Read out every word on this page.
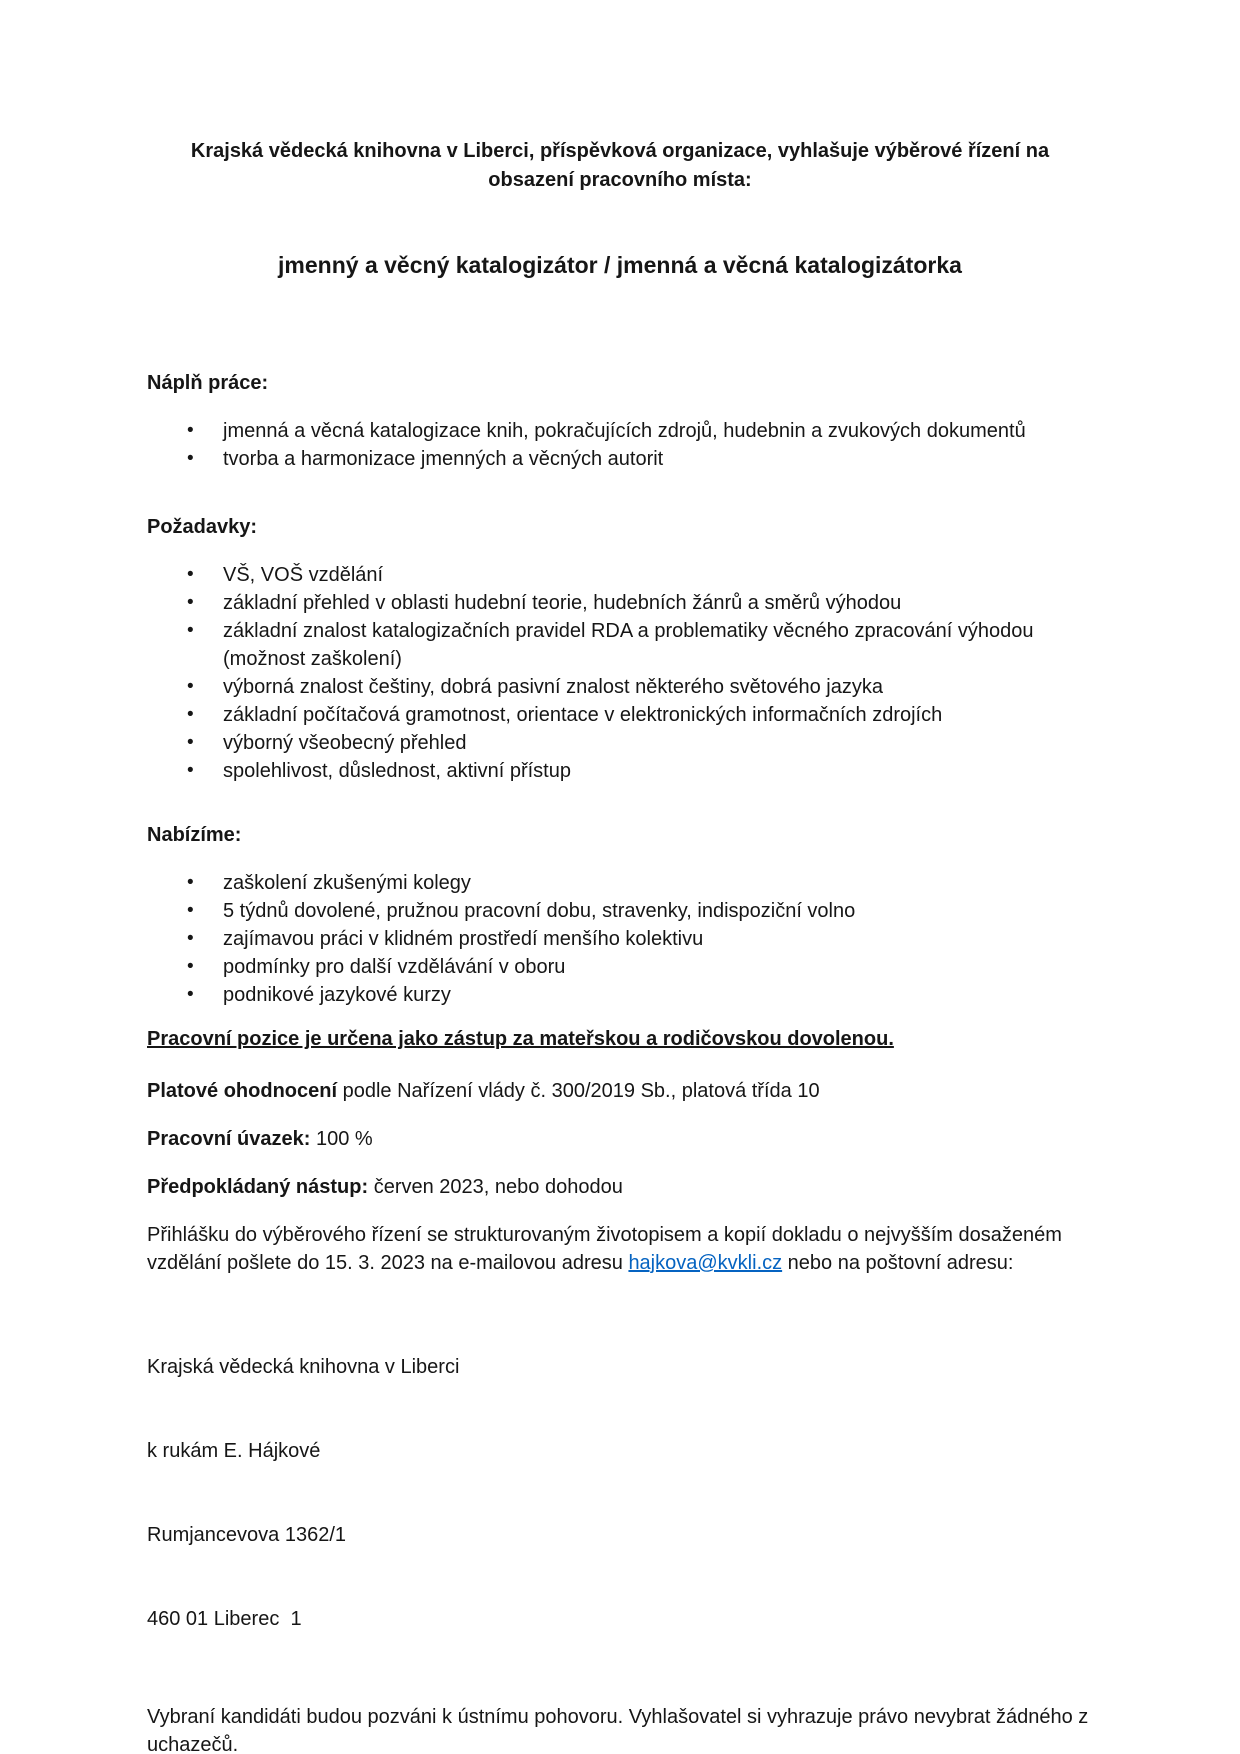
Krajská vědecká knihovna v Liberci, příspěvková organizace, vyhlašuje výběrové řízení na obsazení pracovního místa:

jmenný a věcný katalogizátor / jmenná a věcná katalogizátorka

Náplň práce:

• jmenná a věcná katalogizace knih, pokračujících zdrojů, hudebnin a zvukových dokumentů
• tvorba a harmonizace jmenných a věcných autorit

Požadavky:

• VŠ, VOŠ vzdělání
• základní přehled v oblasti hudební teorie, hudebních žánrů a směrů výhodou
• základní znalost katalogizačních pravidel RDA a problematiky věcného zpracování výhodou (možnost zaškolení)
• výborná znalost češtiny, dobrá pasivní znalost některého světového jazyka
• základní počítačová gramotnost, orientace v elektronických informačních zdrojích
• výborný všeobecný přehled
• spolehlivost, důslednost, aktivní přístup

Nabízíme:

• zaškolení zkušenými kolegy
• 5 týdnů dovolené, pružnou pracovní dobu, stravenky, indispoziční volno
• zajímavou práci v klidném prostředí menšího kolektivu
• podmínky pro další vzdělávání v oboru
• podnikové jazykové kurzy

Pracovní pozice je určena jako zástup za mateřskou a rodičovskou dovolenou.

Platové ohodnocení podle Nařízení vlády č. 300/2019 Sb., platová třída 10

Pracovní úvazek: 100 %

Předpokládaný nástup: červen 2023, nebo dohodou

Přihlášku do výběrového řízení se strukturovaným životopisem a kopií dokladu o nejvyšším dosaženém vzdělání pošlete do 15. 3. 2023 na e-mailovou adresu hajkova@kvkli.cz nebo na poštovní adresu:

Krajská vědecká knihovna v Liberci

k rukám E. Hájkové

Rumjancevova 1362/1

460 01 Liberec  1

Vybraní kandidáti budou pozváni k ústnímu pohovoru. Vyhlašovatel si vyhrazuje právo nevybrat žádného z uchazečů.
